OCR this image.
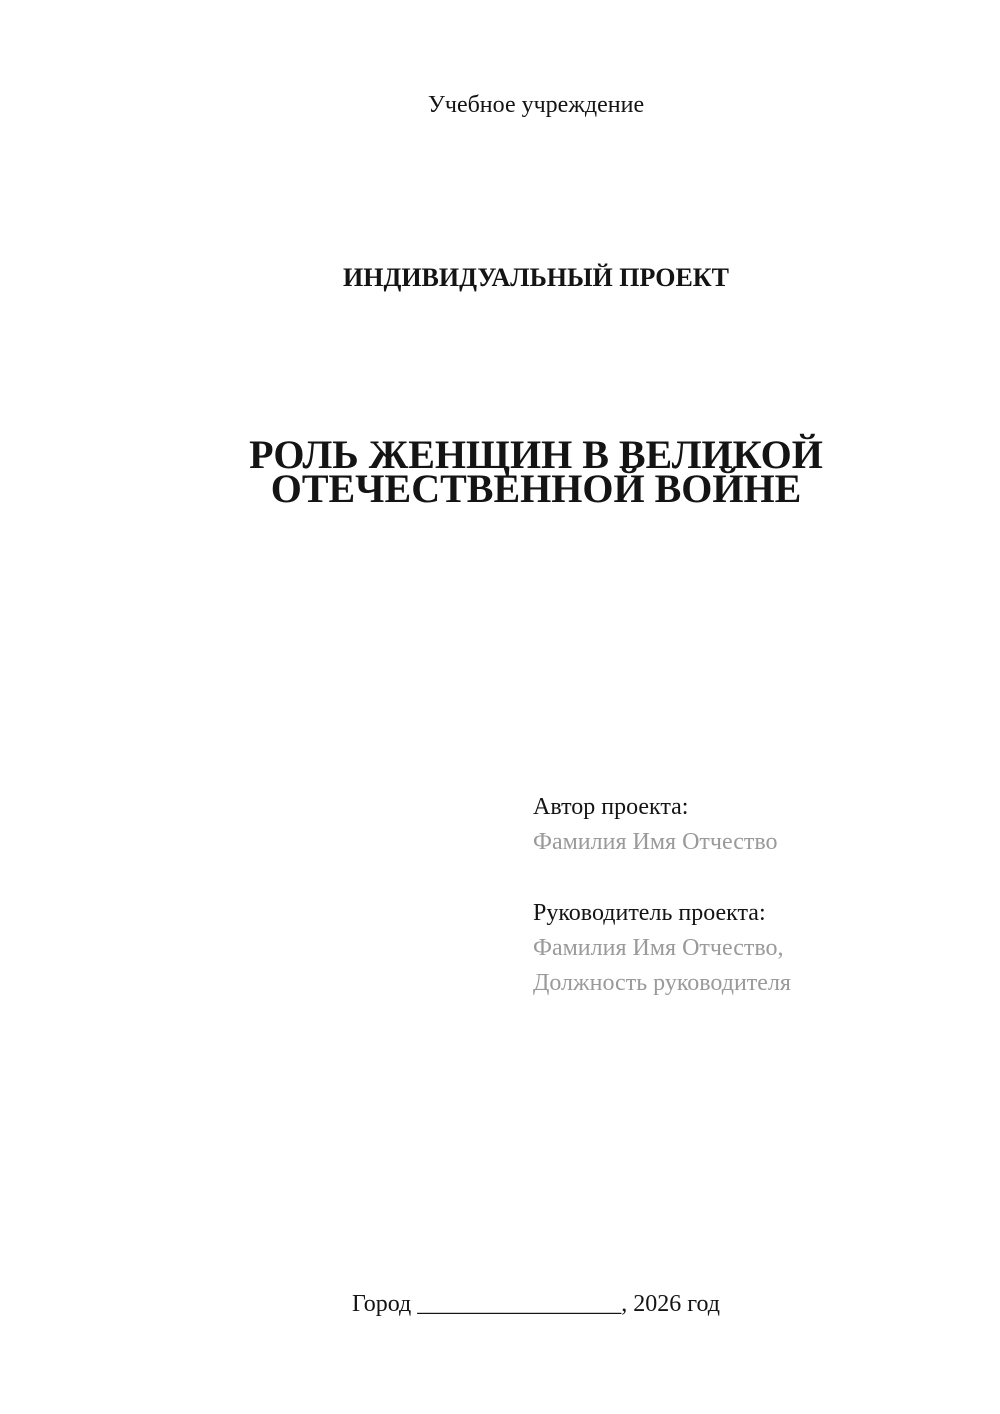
Учебное учреждение
ИНДИВИДУАЛЬНЫЙ ПРОЕКТ
РОЛЬ ЖЕНЩИН В ВЕЛИКОЙ
ОТЕЧЕСТВЕННОЙ ВОЙНЕ
Автор проекта:
Фамилия Имя Отчество
Руководитель проекта:
Фамилия Имя Отчество,
Должность руководителя
Город _________________, 2026 год
